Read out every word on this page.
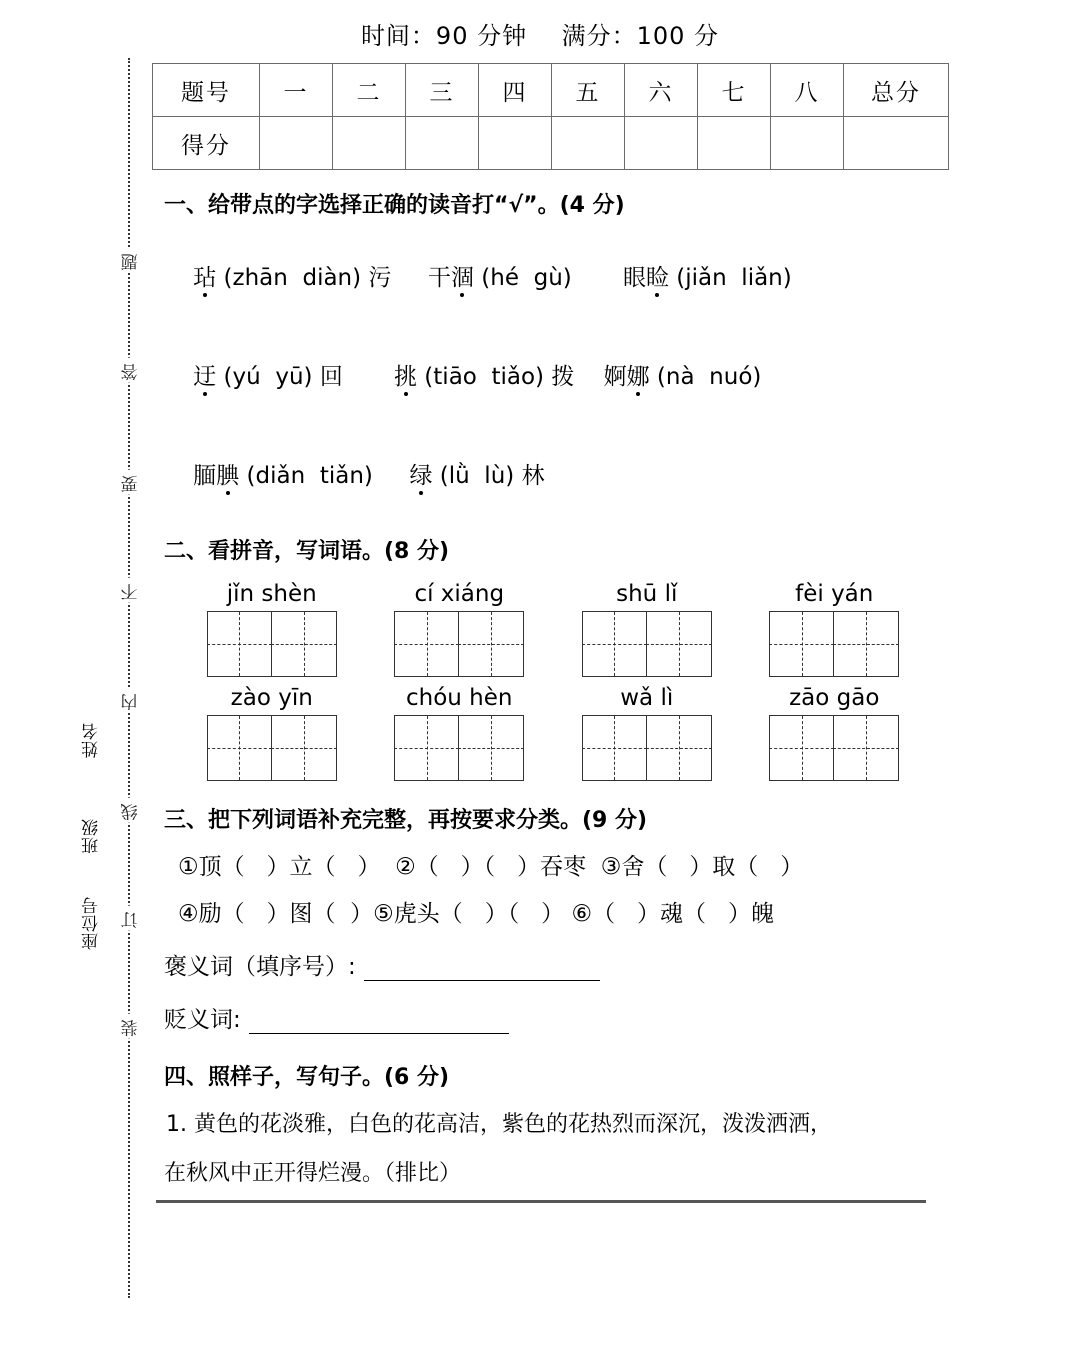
座位号
班级
姓名
题
答
要
不
内
线
订
装
时间：90 分钟    满分：100 分
题号	一	二	三	四	五	六	七	八	总分
得分									
一、给带点的字选择正确的读音打“√”。(4 分)

玷 (zhān  diàn) 污     干涸 (hé  gù)       眼睑 (jiǎn  liǎn)

迂 (yú  yū) 回       挑 (tiāo  tiǎo) 拨    婀娜 (nà  nuó)

腼腆 (diǎn  tiǎn)     绿 (lǜ  lù) 林

二、看拼音，写词语。(8 分)
jǐn shèn	cí xiáng	shū lǐ	fèi yán
zào yīn	chóu hèn	wǎ lì	zāo gāo
三、把下列词语补充完整，再按要求分类。(9 分)
①顶（   ）立（   ）  ②（   ）（   ）吞枣  ③舍（   ）取（   ）
④励（   ）图（  ）⑤虎头（   ）（   ） ⑥（   ）魂（   ）魄
褒义词（填序号）:
贬义词:
四、照样子，写句子。(6 分)
1. 黄色的花淡雅，白色的花高洁，紫色的花热烈而深沉，泼泼洒洒，
在秋风中正开得烂漫。（排比）
